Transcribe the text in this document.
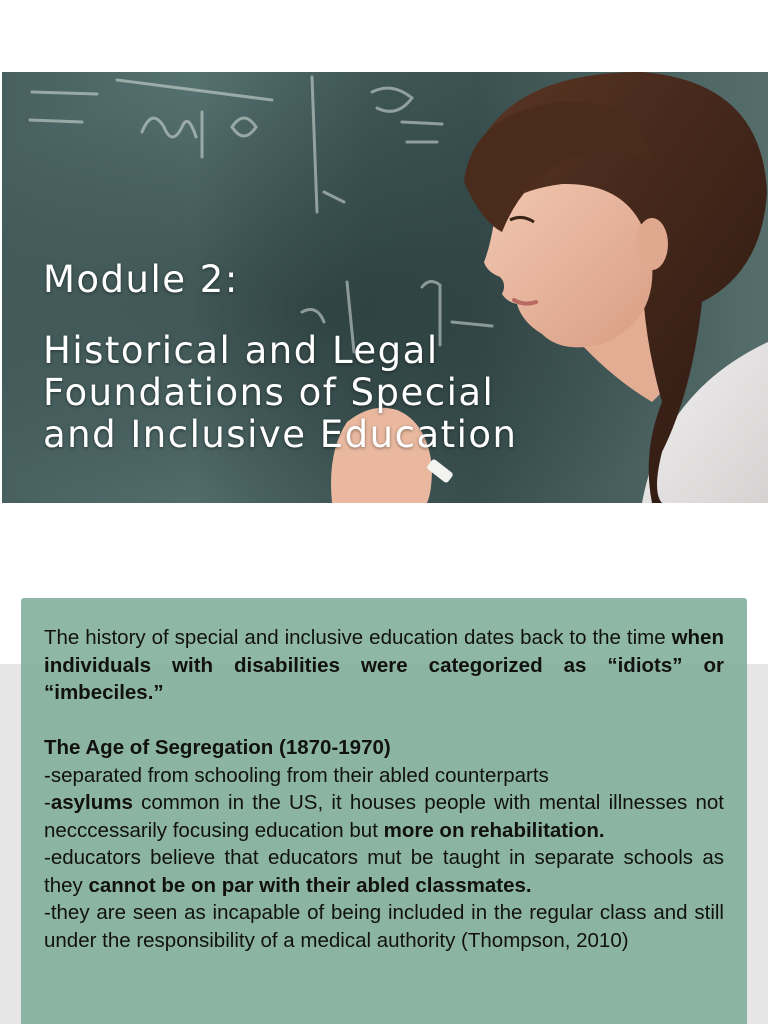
Module 2:
Historical and Legal
Foundations of Special
and Inclusive Education

The history of special and inclusive education dates back to the time when individuals with disabilities were categorized as “idiots” or “imbeciles.”

The Age of Segregation (1870-1970)

-separated from schooling from their abled counterparts

-asylums common in the US, it houses people with mental illnesses not necccessarily focusing education but more on rehabilitation.

-educators believe that educators mut be taught in separate schools as they cannot be on par with their abled classmates.

-they are seen as incapable of being included in the regular class and still under the responsibility of a medical authority (Thompson, 2010)
